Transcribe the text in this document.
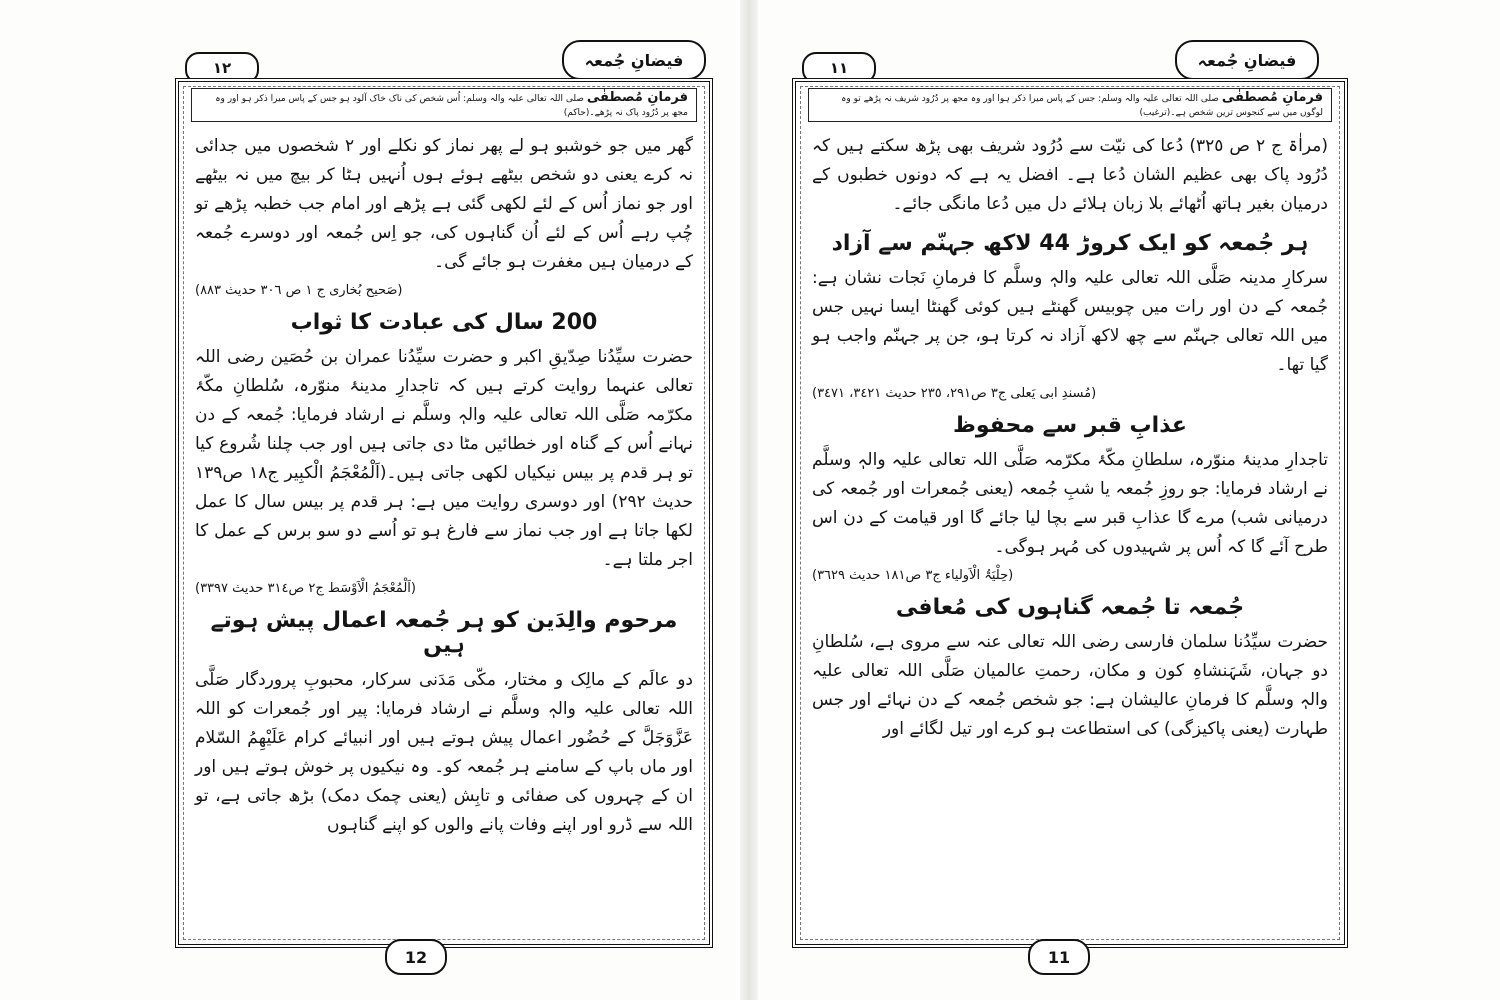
١٢	فیضانِ جُمعہ
فرمانِ مُصطفٰی صلی اللہ تعالی علیہ والہ وسلم: اُس شخص کی ناک خاک آلود ہو جس کے پاس میرا ذکر ہو اور وہ مجھ پر دُرُود پاک نہ پڑھے۔(حاکم)

گھر میں جو خوشبو ہو لے پھر نماز کو نکلے اور ۲ شخصوں میں جدائی نہ کرے یعنی دو شخص بیٹھے ہوئے ہوں اُنہیں ہٹا کر بیچ میں نہ بیٹھے اور جو نماز اُس کے لئے لکھی گئی ہے پڑھے اور امام جب خطبہ پڑھے تو چُپ رہے اُس کے لئے اُن گناہوں کی، جو اِس جُمعہ اور دوسرے جُمعہ کے درمیان ہیں مغفرت ہو جائے گی۔

(صَحیح بُخاری ج ١ ص ٣٠٦ حدیث ٨٨٣)
200 سال کی عبادت کا ثواب

حضرت سیِّدُنا صِدّیقِ اکبر و حضرت سیِّدُنا عمران بن حُصَین رضی اللہ تعالی عنہما روایت کرتے ہیں کہ تاجدارِ مدینۂ منوّرہ، سُلطانِ مکّۂ مکرّمہ صَلَّی اللہ تعالی علیہ والہٖ وسلَّم نے ارشاد فرمایا: جُمعہ کے دن نہانے اُس کے گناہ اور خطائیں مٹا دی جاتی ہیں اور جب چلنا شُروع کیا تو ہر قدم پر بیس نیکیاں لکھی جاتی ہیں۔(اَلْمُعْجَمُ الْکبِیر ج١٨ ص١٣٩ حدیث ٢٩٢) اور دوسری روایت میں ہے: ہر قدم پر بیس سال کا عمل لکھا جاتا ہے اور جب نماز سے فارغ ہو تو اُسے دو سو برس کے عمل کا اجر ملتا ہے۔

(اَلْمُعْجَمُ الْاَوْسَط ج٢ ص٣١٤ حدیث ٣٣٩٧)
مرحوم والِدَین کو ہر جُمعہ اعمال پیش ہوتے ہیں

دو عالَم کے مالِک و مختار، مکّی مَدَنی سرکار، محبوبِ پروردگار صَلَّی اللہ تعالی علیہ والہٖ وسلَّم نے ارشاد فرمایا: پیر اور جُمعرات کو اللہ عَزَّوَجَلَّ کے حُضُور اعمال پیش ہوتے ہیں اور انبیائے کرام عَلَیْھِمُ السّلام اور ماں باپ کے سامنے ہر جُمعہ کو۔ وہ نیکیوں پر خوش ہوتے ہیں اور ان کے چہروں کی صفائی و تابِش (یعنی چمک دمک) بڑھ جاتی ہے، تو اللہ سے ڈرو اور اپنے وفات پانے والوں کو اپنے گناہوں

12
١١	فیضانِ جُمعہ
فرمانِ مُصطفٰی صلی اللہ تعالی علیہ والہ وسلم: جس کے پاس میرا ذکر ہوا اور وہ مجھ پر دُرُود شریف نہ پڑھے تو وہ لوگوں میں سے کنجوس ترین شخص ہے۔(ترغیب)

(مراٰۃ ج ٢ ص ٣٢٥) دُعا کی نیّت سے دُرُود شریف بھی پڑھ سکتے ہیں کہ دُرُود پاک بھی عظیم الشان دُعا ہے۔ افضل یہ ہے کہ دونوں خطبوں کے درمیان بغیر ہاتھ اُٹھائے بلا زبان ہلائے دل میں دُعا مانگی جائے۔

ہر جُمعہ کو ایک کروڑ 44 لاکھ جہنّم سے آزاد

سرکارِ مدینہ صَلَّی اللہ تعالی علیہ والہٖ وسلَّم کا فرمانِ نَجات نشان ہے: جُمعہ کے دن اور رات میں چوبیس گھنٹے ہیں کوئی گھنٹا ایسا نہیں جس میں اللہ تعالی جہنّم سے چھ لاکھ آزاد نہ کرتا ہو، جن پر جہنّم واجب ہو گیا تھا۔

(مُسندِ ابی یَعلی ج٣ ص٢٩١، ٢٣٥ حدیث ٣٤٢١، ٣٤٧١)
عذابِ قبر سے محفوظ

تاجدارِ مدینۂ منوّرہ، سلطانِ مکّۂ مکرّمہ صَلَّی اللہ تعالی علیہ والہٖ وسلَّم نے ارشاد فرمایا: جو روزِ جُمعہ یا شبِ جُمعہ (یعنی جُمعرات اور جُمعہ کی درمیانی شب) مرے گا عذابِ قبر سے بچا لیا جائے گا اور قیامت کے دن اس طرح آئے گا کہ اُس پر شہیدوں کی مُہر ہوگی۔

(حِلْیَۃُ الْاَولیاء ج٣ ص١٨١ حدیث ٣٦٢٩)
جُمعہ تا جُمعہ گناہوں کی مُعافی

حضرت سیِّدُنا سلمان فارسی رضی اللہ تعالی عنہ سے مروی ہے، سُلطانِ دو جہان، شَہَنشاہِ کون و مکان، رحمتِ عالمیان صَلَّی اللہ تعالی علیہ والہٖ وسلَّم کا فرمانِ عالیشان ہے: جو شخص جُمعہ کے دن نہائے اور جس طہارت (یعنی پاکیزگی) کی استطاعت ہو کرے اور تیل لگائے اور

11
